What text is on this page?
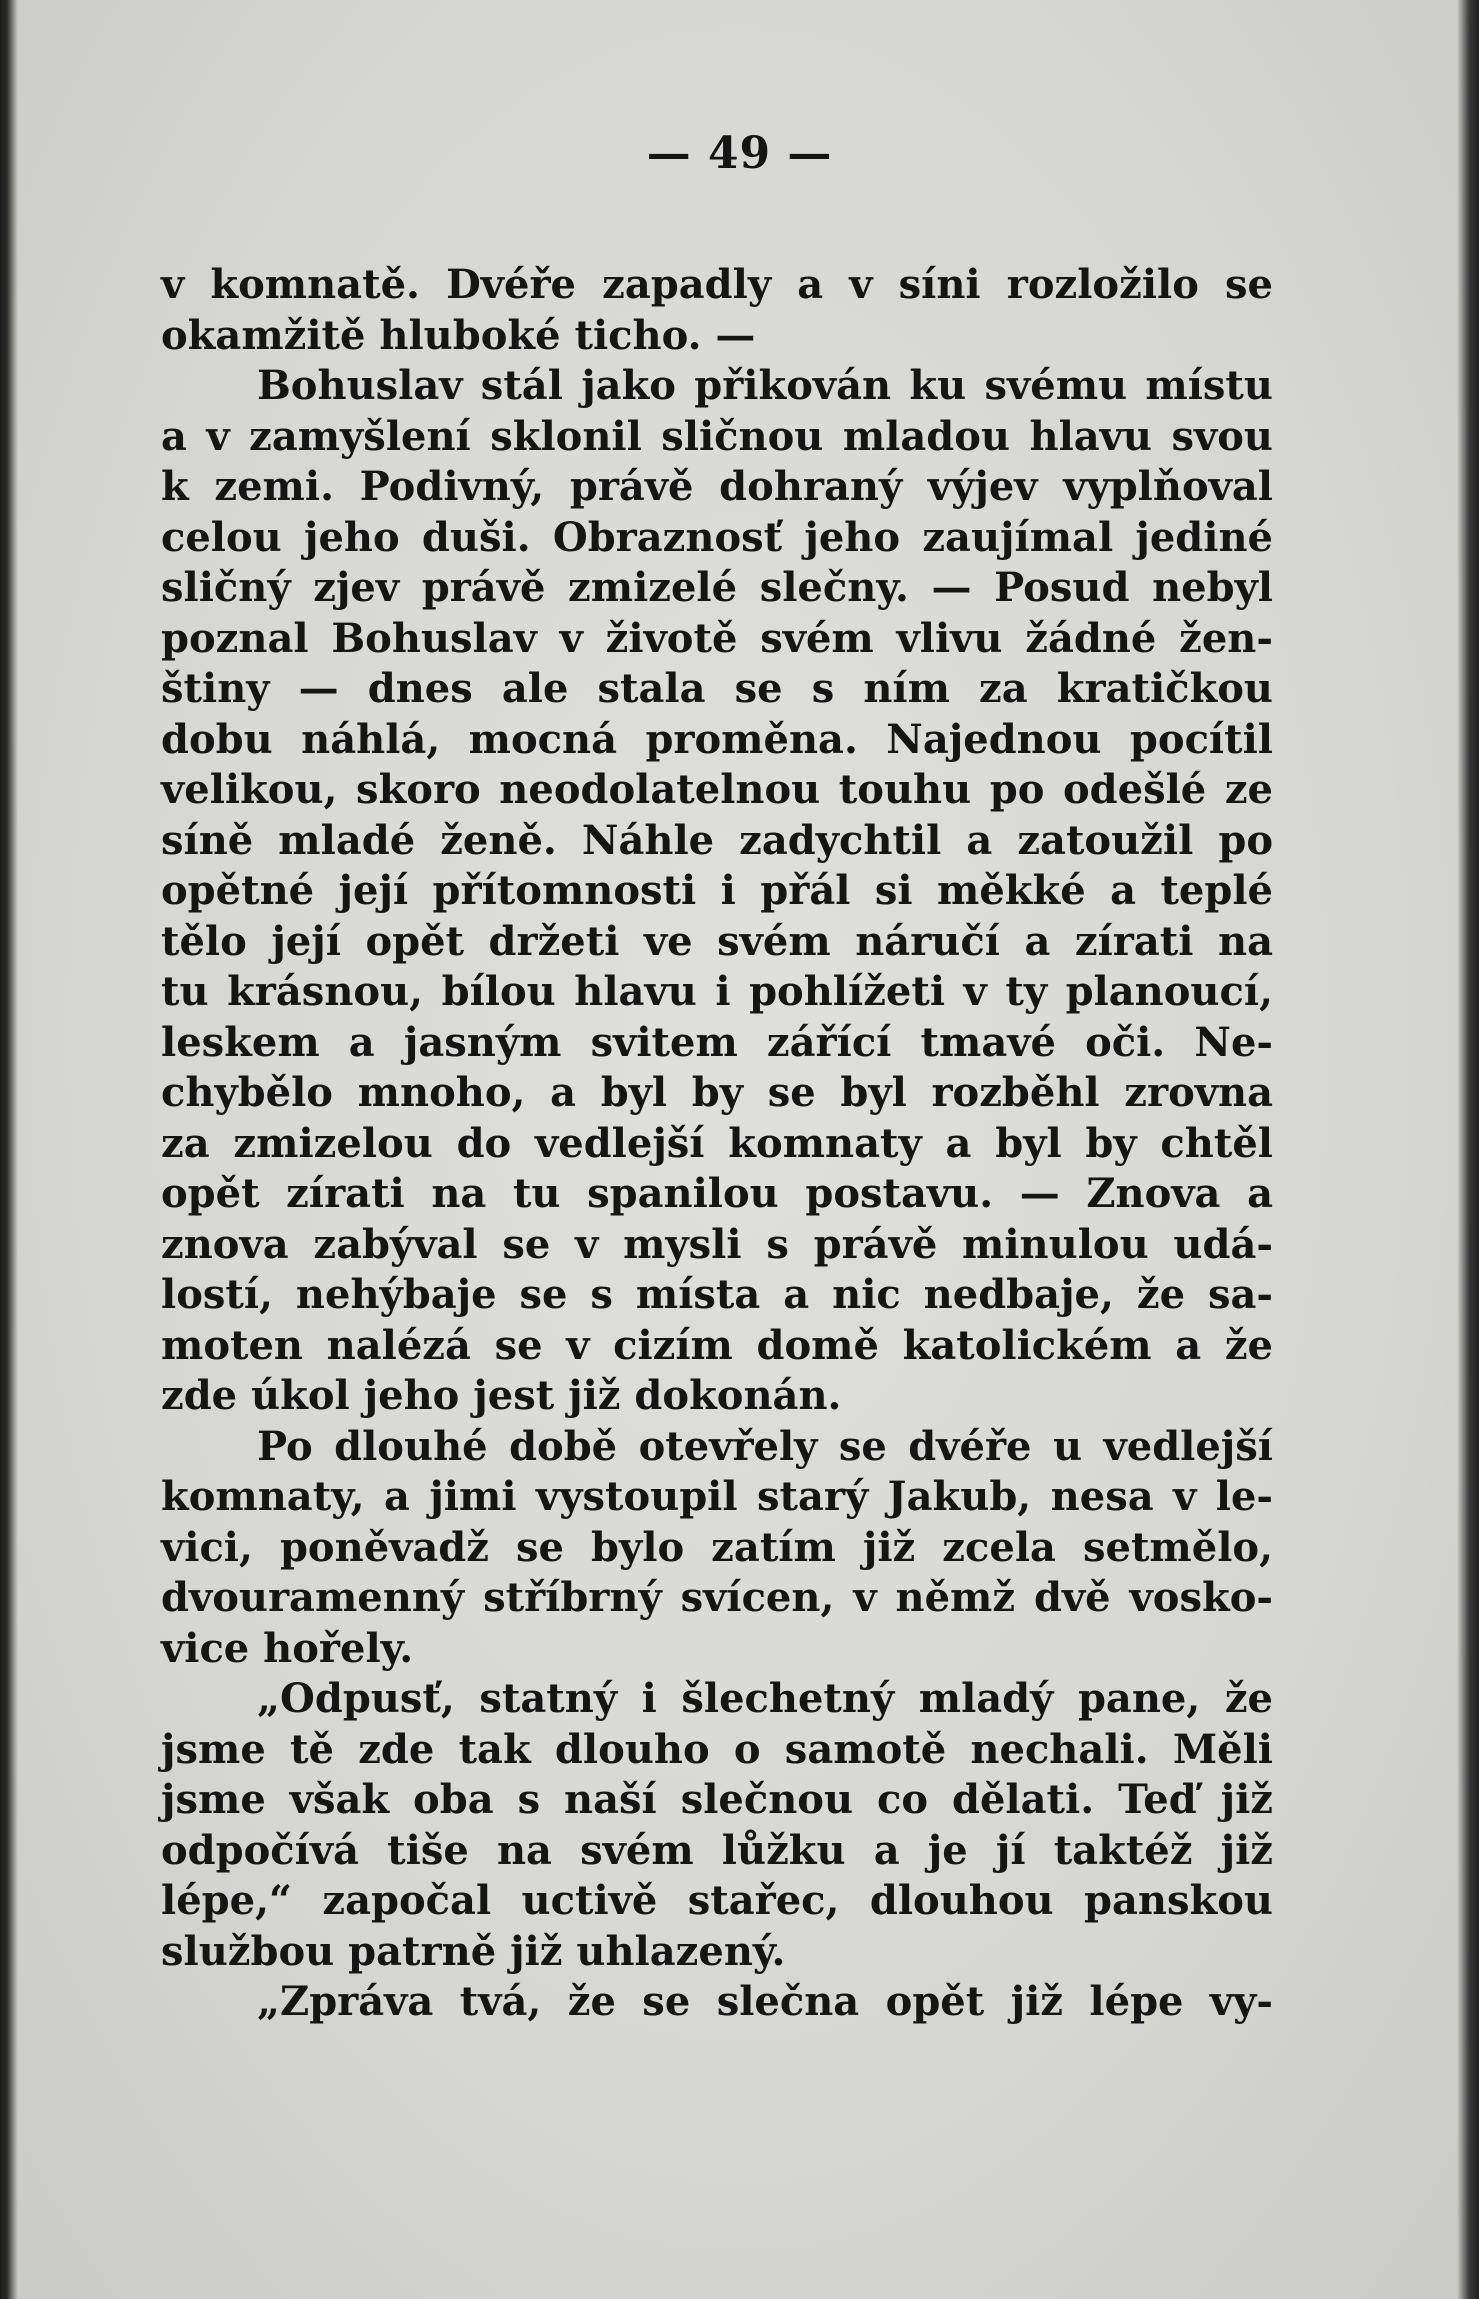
— 49 —
v komnatě. Dvéře zapadly a v síni rozložilo se
okamžitě hluboké ticho. —
Bohuslav stál jako přikován ku svému místu
a v zamyšlení sklonil sličnou mladou hlavu svou
k zemi. Podivný, právě dohraný výjev vyplňoval
celou jeho duši. Obraznosť jeho zaujímal jediné
sličný zjev právě zmizelé slečny. — Posud nebyl
poznal Bohuslav v životě svém vlivu žádné žen-
štiny — dnes ale stala se s ním za kratičkou
dobu náhlá, mocná proměna. Najednou pocítil
velikou, skoro neodolatelnou touhu po odešlé ze
síně mladé ženě. Náhle zadychtil a zatoužil po
opětné její přítomnosti i přál si měkké a teplé
tělo její opět držeti ve svém náručí a zírati na
tu krásnou, bílou hlavu i pohlížeti v ty planoucí,
leskem a jasným svitem zářící tmavé oči. Ne-
chybělo mnoho, a byl by se byl rozběhl zrovna
za zmizelou do vedlejší komnaty a byl by chtěl
opět zírati na tu spanilou postavu. — Znova a
znova zabýval se v mysli s právě minulou udá-
lostí, nehýbaje se s místa a nic nedbaje, že sa-
moten nalézá se v cizím domě katolickém a že
zde úkol jeho jest již dokonán.
Po dlouhé době otevřely se dvéře u vedlejší
komnaty, a jimi vystoupil starý Jakub, nesa v le-
vici, poněvadž se bylo zatím již zcela setmělo,
dvouramenný stříbrný svícen, v němž dvě vosko-
vice hořely.
„Odpusť, statný i šlechetný mladý pane, že
jsme tě zde tak dlouho o samotě nechali. Měli
jsme však oba s naší slečnou co dělati. Teď již
odpočívá tiše na svém lůžku a je jí taktéž již
lépe,“ započal uctivě stařec, dlouhou panskou
službou patrně již uhlazený.
„Zpráva tvá, že se slečna opět již lépe vy-
